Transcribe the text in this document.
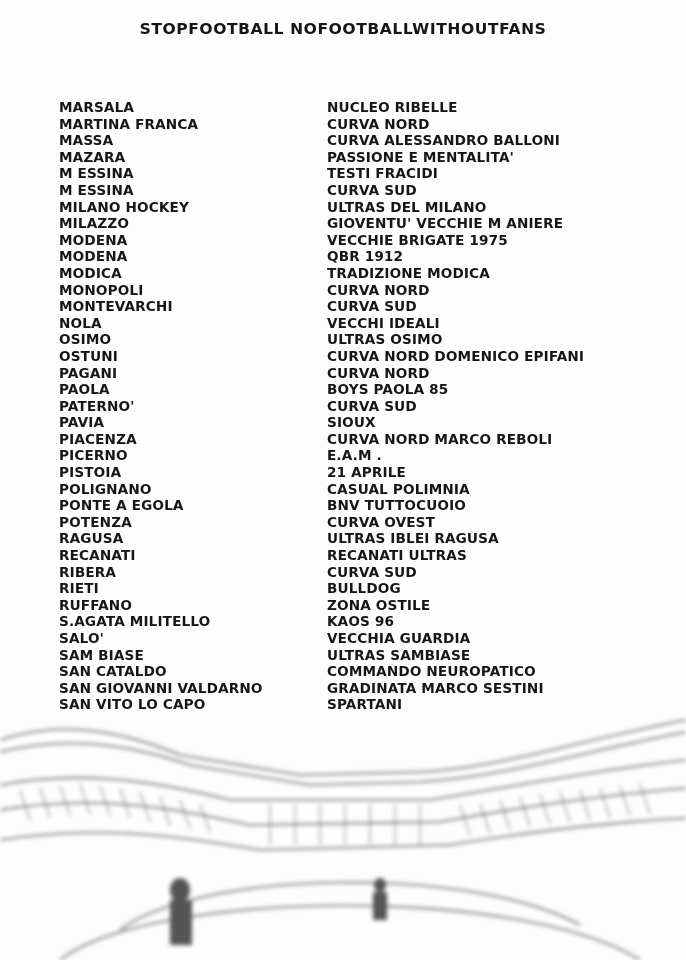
STOPFOOTBALL NOFOOTBALLWITHOUTFANS
MARSALA	NUCLEO RIBELLE
MARTINA FRANCA	CURVA NORD
MASSA	CURVA ALESSANDRO BALLONI
MAZARA	PASSIONE E MENTALITA'
M ESSINA	TESTI FRACIDI
M ESSINA	CURVA SUD
MILANO HOCKEY	ULTRAS DEL MILANO
MILAZZO	GIOVENTU' VECCHIE M ANIERE
MODENA	VECCHIE BRIGATE 1975
MODENA	QBR 1912
MODICA	TRADIZIONE MODICA
MONOPOLI	CURVA NORD
MONTEVARCHI	CURVA SUD
NOLA	VECCHI IDEALI
OSIMO	ULTRAS OSIMO
OSTUNI	CURVA NORD DOMENICO EPIFANI
PAGANI	CURVA NORD
PAOLA	BOYS PAOLA 85
PATERNO'	CURVA SUD
PAVIA	SIOUX
PIACENZA	CURVA NORD MARCO REBOLI
PICERNO	E.A.M .
PISTOIA	21 APRILE
POLIGNANO	CASUAL POLIMNIA
PONTE A EGOLA	BNV TUTTOCUOIO
POTENZA	CURVA OVEST
RAGUSA	ULTRAS IBLEI RAGUSA
RECANATI	RECANATI ULTRAS
RIBERA	CURVA SUD
RIETI	BULLDOG
RUFFANO	ZONA OSTILE
S.AGATA MILITELLO	KAOS 96
SALO'	VECCHIA GUARDIA
SAM BIASE	ULTRAS SAMBIASE
SAN CATALDO	COMMANDO NEUROPATICO
SAN GIOVANNI VALDARNO	GRADINATA MARCO SESTINI
SAN VITO LO CAPO	SPARTANI
